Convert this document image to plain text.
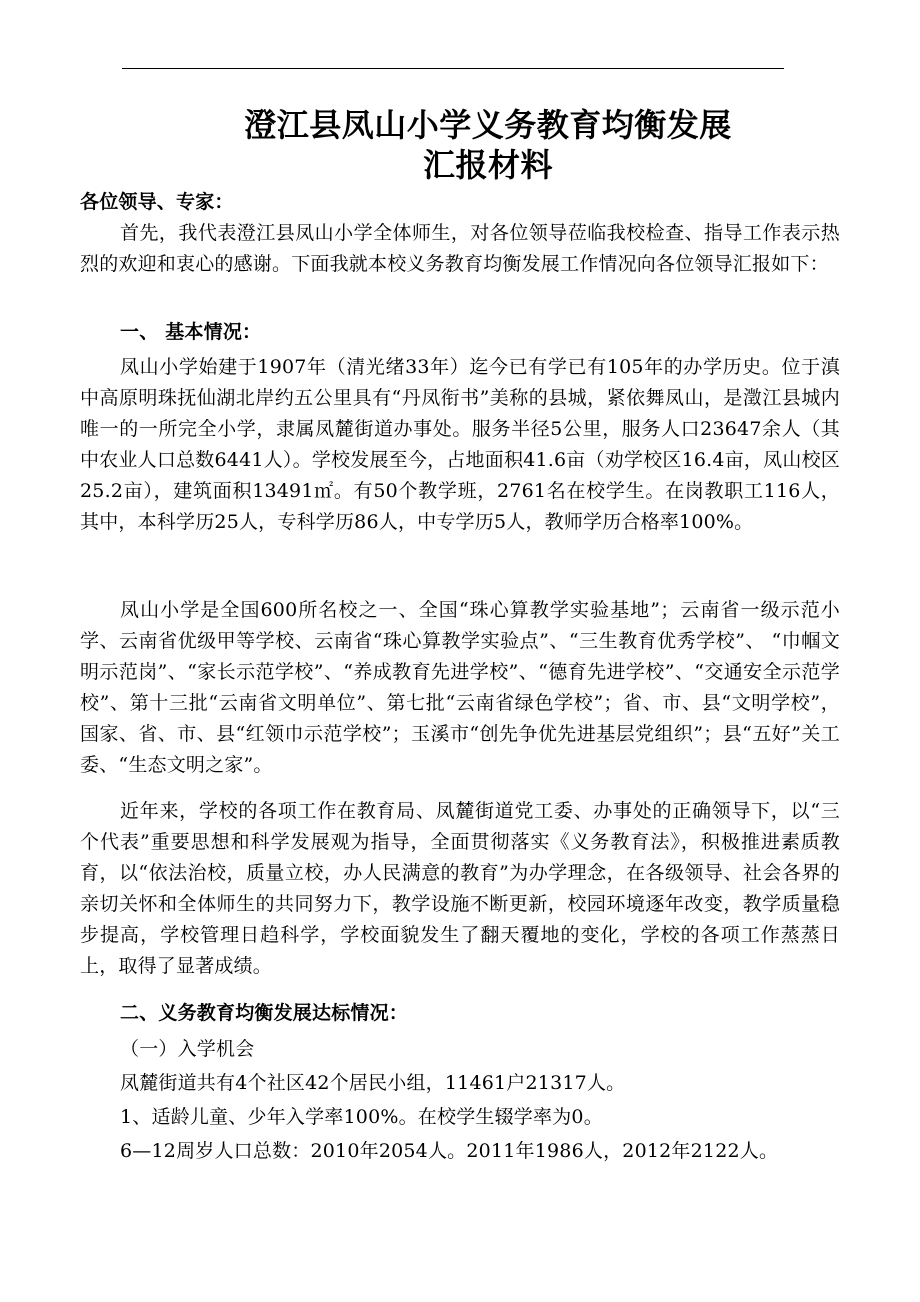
澄江县凤山小学义务教育均衡发展
汇报材料

各位领导、专家：

首先，我代表澄江县凤山小学全体师生，对各位领导莅临我校检查、指导工作表示热烈的欢迎和衷心的感谢。下面我就本校义务教育均衡发展工作情况向各位领导汇报如下：

一、 基本情况：

凤山小学始建于1907年（清光绪33年）迄今已有学已有105年的办学历史。位于滇中高原明珠抚仙湖北岸约五公里具有“丹凤衔书”美称的县城，紧依舞凤山，是澂江县城内唯一的一所完全小学，隶属凤麓街道办事处。服务半径5公里，服务人口23647余人（其中农业人口总数6441人）。学校发展至今，占地面积41.6亩（劝学校区16.4亩，凤山校区25.2亩），建筑面积13491㎡。有50个教学班，2761名在校学生。在岗教职工116人，其中，本科学历25人，专科学历86人，中专学历5人，教师学历合格率100%。

凤山小学是全国600所名校之一、全国“珠心算教学实验基地”；云南省一级示范小学、云南省优级甲等学校、云南省“珠心算教学实验点”、“三生教育优秀学校”、 “巾帼文明示范岗”、“家长示范学校”、“养成教育先进学校”、“德育先进学校”、“交通安全示范学校”、第十三批“云南省文明单位”、第七批“云南省绿色学校”；省、市、县“文明学校”，国家、省、市、县“红领巾示范学校”；玉溪市“创先争优先进基层党组织”；县“五好”关工委、“生态文明之家”。

近年来，学校的各项工作在教育局、凤麓街道党工委、办事处的正确领导下，以“三个代表”重要思想和科学发展观为指导，全面贯彻落实《义务教育法》，积极推进素质教育，以“依法治校，质量立校，办人民满意的教育”为办学理念，在各级领导、社会各界的亲切关怀和全体师生的共同努力下，教学设施不断更新，校园环境逐年改变，教学质量稳步提高，学校管理日趋科学，学校面貌发生了翻天覆地的变化，学校的各项工作蒸蒸日上，取得了显著成绩。

二、义务教育均衡发展达标情况：

（一）入学机会

凤麓街道共有4个社区42个居民小组，11461户21317人。

1、适龄儿童、少年入学率100%。在校学生辍学率为0。

6—12周岁人口总数：2010年2054人。2011年1986人，2012年2122人。
